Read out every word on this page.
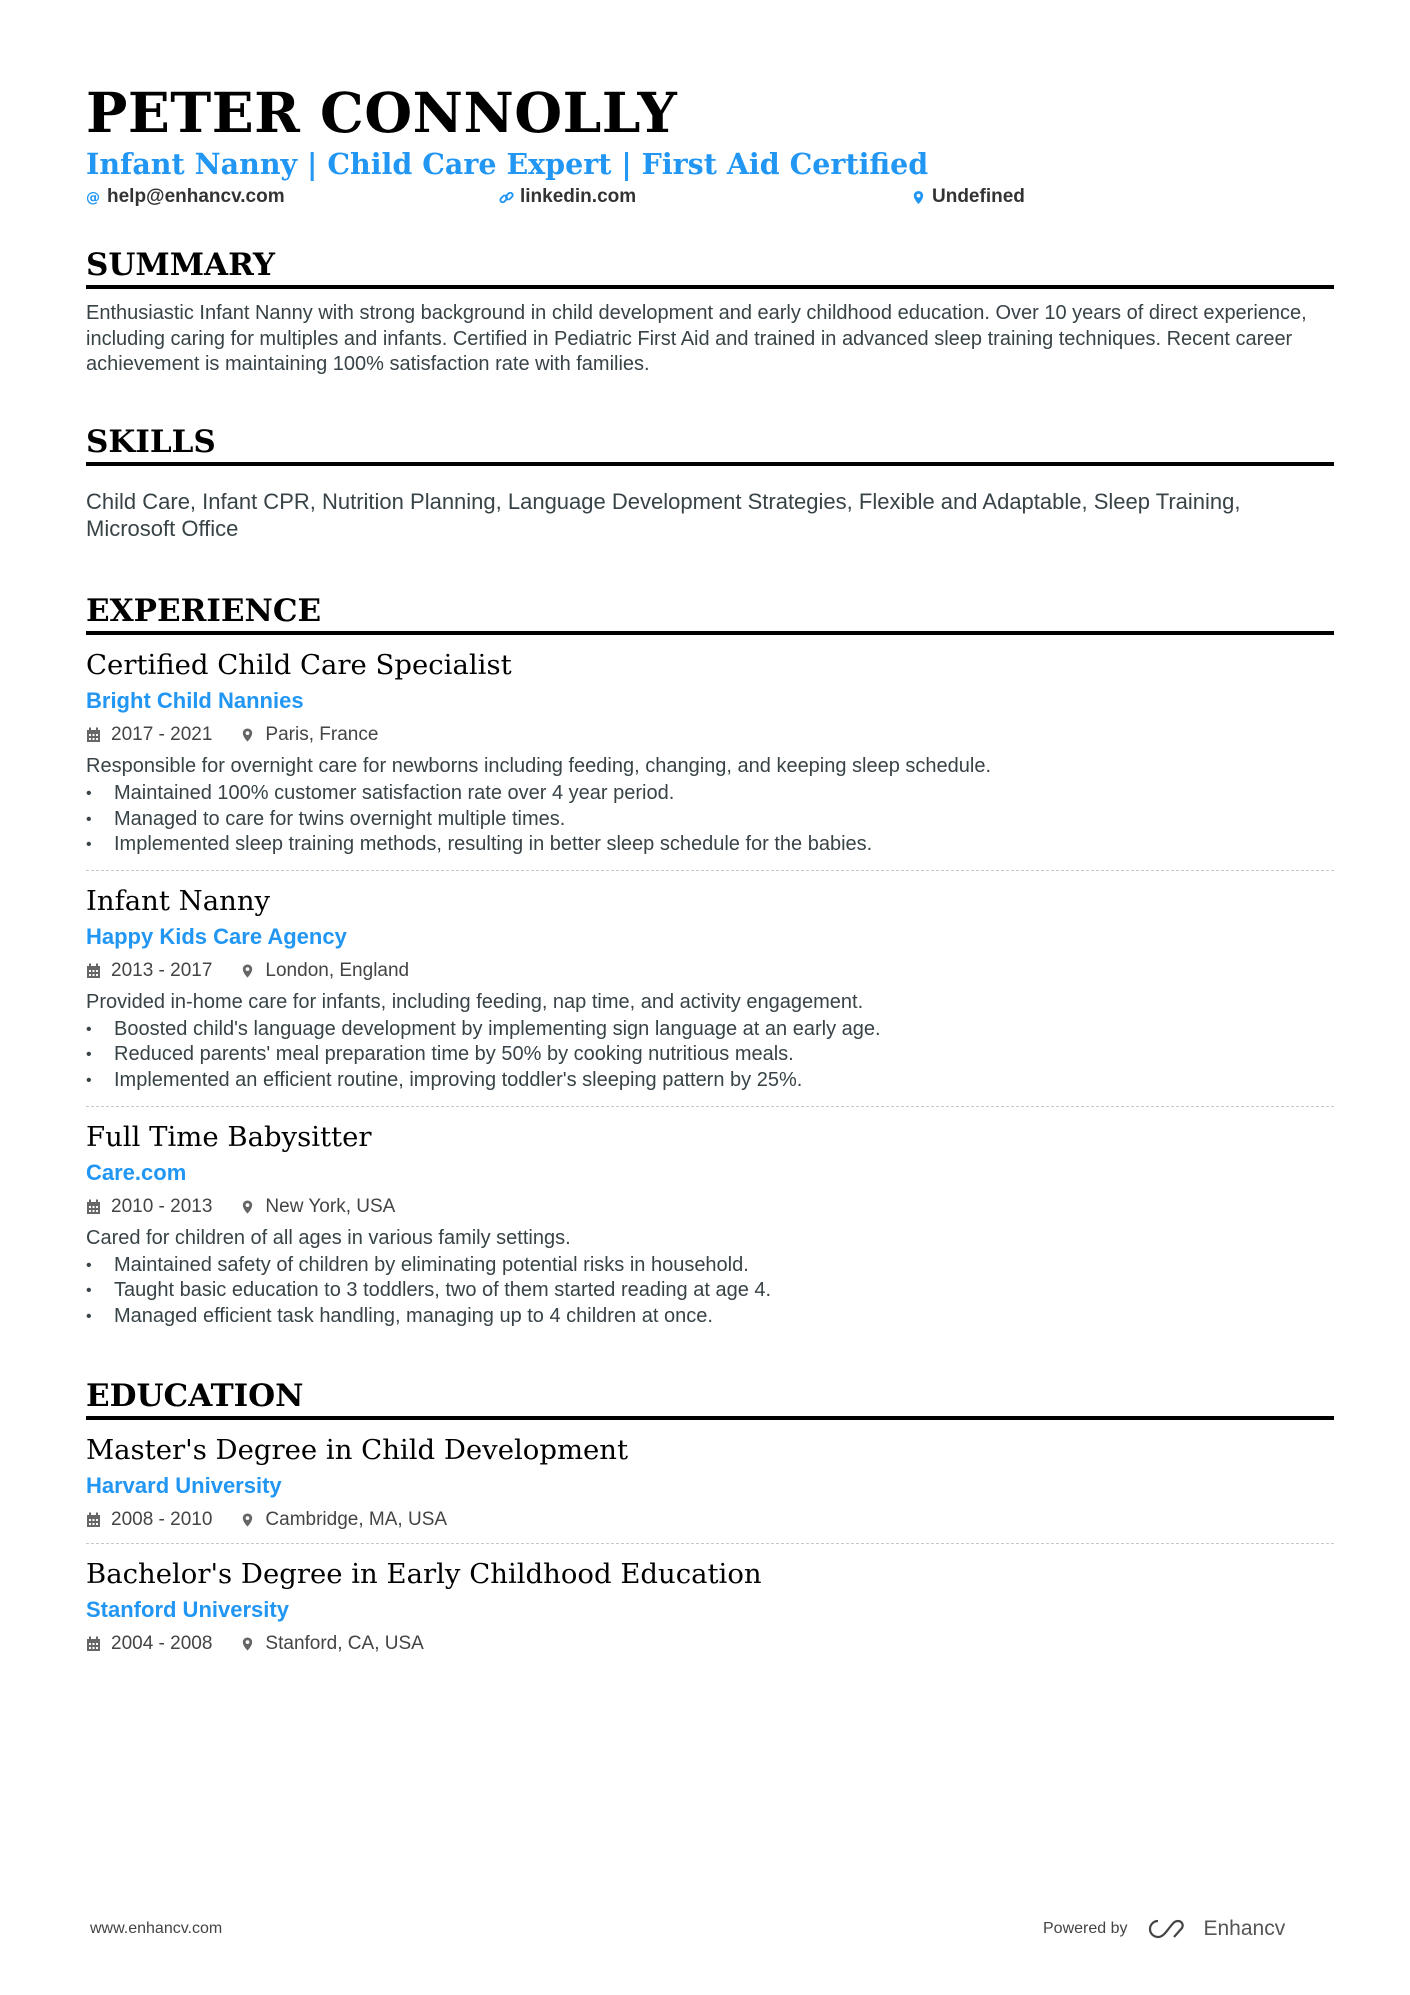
PETER CONNOLLY
Infant Nanny | Child Care Expert | First Aid Certified
@ help@enhancv.com	linkedin.com	Undefined
SUMMARY
Enthusiastic Infant Nanny with strong background in child development and early childhood education. Over 10 years of direct experience, including caring for multiples and infants. Certified in Pediatric First Aid and trained in advanced sleep training techniques. Recent career achievement is maintaining 100% satisfaction rate with families.
SKILLS
Child Care, Infant CPR, Nutrition Planning, Language Development Strategies, Flexible and Adaptable, Sleep Training, Microsoft Office
EXPERIENCE
Certified Child Care Specialist
Bright Child Nannies
2017 - 2021	Paris, France
Responsible for overnight care for newborns including feeding, changing, and keeping sleep schedule.
• Maintained 100% customer satisfaction rate over 4 year period.
• Managed to care for twins overnight multiple times.
• Implemented sleep training methods, resulting in better sleep schedule for the babies.
Infant Nanny
Happy Kids Care Agency
2013 - 2017	London, England
Provided in-home care for infants, including feeding, nap time, and activity engagement.
• Boosted child's language development by implementing sign language at an early age.
• Reduced parents' meal preparation time by 50% by cooking nutritious meals.
• Implemented an efficient routine, improving toddler's sleeping pattern by 25%.
Full Time Babysitter
Care.com
2010 - 2013	New York, USA
Cared for children of all ages in various family settings.
• Maintained safety of children by eliminating potential risks in household.
• Taught basic education to 3 toddlers, two of them started reading at age 4.
• Managed efficient task handling, managing up to 4 children at once.
EDUCATION
Master's Degree in Child Development
Harvard University
2008 - 2010	Cambridge, MA, USA
Bachelor's Degree in Early Childhood Education
Stanford University
2004 - 2008	Stanford, CA, USA
www.enhancv.com	Powered by	Enhancv
